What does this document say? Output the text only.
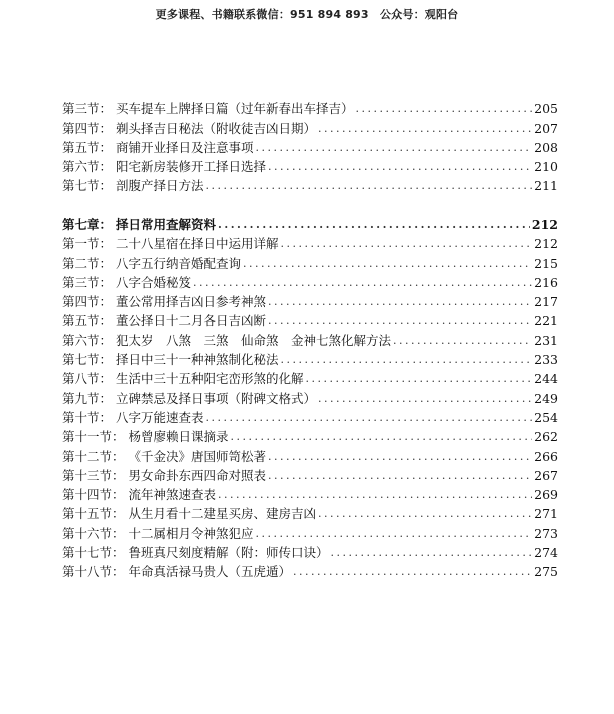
更多课程、书籍联系微信：951 894 893　公众号：观阳台
第三节： 买车提车上牌择日篇（过年新春出车择吉） .....	205
第四节： 剃头择吉日秘法（附收徒吉凶日期） .....	207
第五节： 商铺开业择日及注意事项 .....	208
第六节： 阳宅新房装修开工择日选择 .....	210
第七节： 剖腹产择日方法 .....	211
第七章： 择日常用查解资料 .....	212
第一节： 二十八星宿在择日中运用详解 .....	212
第二节： 八字五行纳音婚配查询 .....	215
第三节： 八字合婚秘笈 .....	216
第四节： 董公常用择吉凶日参考神煞 .....	217
第五节： 董公择日十二月各日吉凶断 .....	221
第六节： 犯太岁　八煞　三煞　仙命煞　金神七煞化解方法 .....	231
第七节： 择日中三十一种神煞制化秘法 .....	233
第八节： 生活中三十五种阳宅峦形煞的化解 .....	244
第九节： 立碑禁忌及择日事项（附碑文格式） .....	249
第十节： 八字万能速查表 .....	254
第十一节： 杨曾廖赖日课摘录 .....	262
第十二节： 《千金决》唐国师笥松著 .....	266
第十三节： 男女命卦东西四命对照表 .....	267
第十四节： 流年神煞速查表 .....	269
第十五节： 从生月看十二建星买房、建房吉凶 .....	271
第十六节： 十二属相月令神煞犯应 .....	273
第十七节： 鲁班真尺刻度精解（附：师传口诀） .....	274
第十八节： 年命真活禄马贵人（五虎遁） .....	275
